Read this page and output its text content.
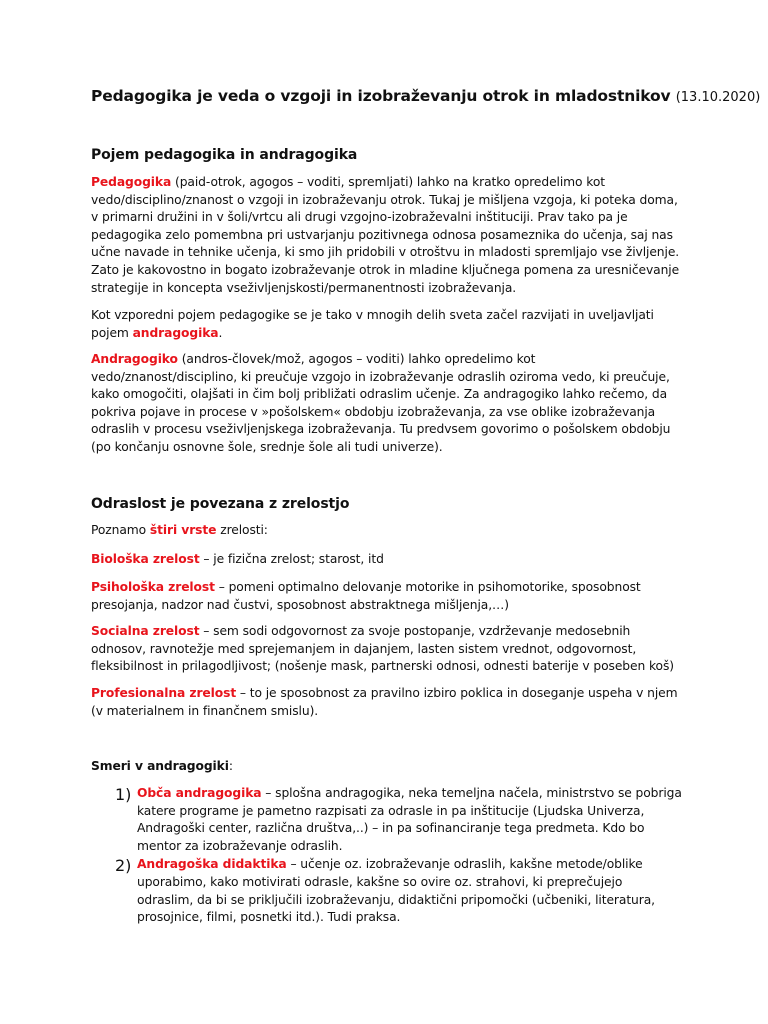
Pedagogika je veda o vzgoji in izobraževanju otrok in mladostnikov (13.10.2020)
Pojem pedagogika in andragogika

Pedagogika (paid-otrok, agogos – voditi, spremljati) lahko na kratko opredelimo kot vedo/disciplino/znanost o vzgoji in izobraževanju otrok. Tukaj je mišljena vzgoja, ki poteka doma, v primarni družini in v šoli/vrtcu ali drugi vzgojno-izobraževalni inštituciji. Prav tako pa je pedagogika zelo pomembna pri ustvarjanju pozitivnega odnosa posameznika do učenja, saj nas učne navade in tehnike učenja, ki smo jih pridobili v otroštvu in mladosti spremljajo vse življenje. Zato je kakovostno in bogato izobraževanje otrok in mladine ključnega pomena za uresničevanje strategije in koncepta vseživljenjskosti/permanentnosti izobraževanja.

Kot vzporedni pojem pedagogike se je tako v mnogih delih sveta začel razvijati in uveljavljati pojem andragogika.

Andragogiko (andros-človek/mož, agogos – voditi) lahko opredelimo kot vedo/znanost/disciplino, ki preučuje vzgojo in izobraževanje odraslih oziroma vedo, ki preučuje, kako omogočiti, olajšati in čim bolj približati odraslim učenje. Za andragogiko lahko rečemo, da pokriva pojave in procese v »pošolskem« obdobju izobraževanja, za vse oblike izobraževanja odraslih v procesu vseživljenjskega izobraževanja. Tu predvsem govorimo o pošolskem obdobju (po končanju osnovne šole, srednje šole ali tudi univerze).

Odraslost je povezana z zrelostjo

Poznamo štiri vrste zrelosti:

Biološka zrelost – je fizična zrelost; starost, itd

Psihološka zrelost – pomeni optimalno delovanje motorike in psihomotorike, sposobnost presojanja, nadzor nad čustvi, sposobnost abstraktnega mišljenja,…)

Socialna zrelost – sem sodi odgovornost za svoje postopanje, vzdrževanje medosebnih odnosov, ravnotežje med sprejemanjem in dajanjem, lasten sistem vrednot, odgovornost, fleksibilnost in prilagodljivost; (nošenje mask, partnerski odnosi, odnesti baterije v poseben koš)

Profesionalna zrelost – to je sposobnost za pravilno izbiro poklica in doseganje uspeha v njem (v materialnem in finančnem smislu).

Smeri v andragogiki:

1) Obča andragogika – splošna andragogika, neka temeljna načela, ministrstvo se pobriga katere programe je pametno razpisati za odrasle in pa inštitucije (Ljudska Univerza, Andragoški center, različna društva,..) – in pa sofinanciranje tega predmeta. Kdo bo mentor za izobraževanje odraslih.

2) Andragoška didaktika – učenje oz. izobraževanje odraslih, kakšne metode/oblike uporabimo, kako motivirati odrasle, kakšne so ovire oz. strahovi, ki preprečujejo odraslim, da bi se priključili izobraževanju, didaktični pripomočki (učbeniki, literatura, prosojnice, filmi, posnetki itd.). Tudi praksa.
